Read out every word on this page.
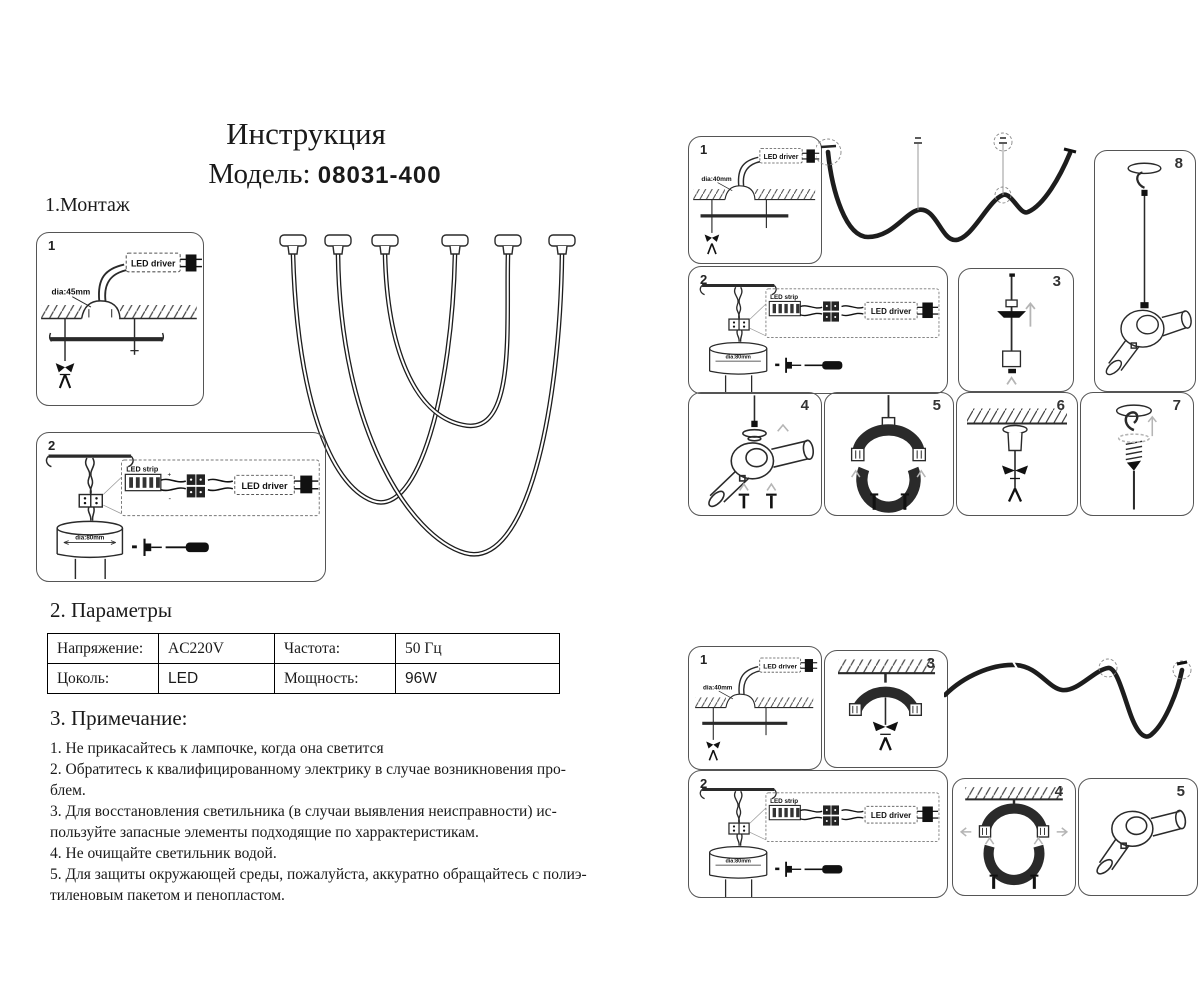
Инструкция
Модель: 08031-400
1.Монтаж
1
LED driver
dia:45mm
2
dia:80mm
LED strip
+
-
LED driver
2. Параметры
Напряжение:	AC220V	Частота:	50 Гц
Цоколь:	LED	Мощность:	96W
3. Примечание:
1. Не прикасайтесь к лампочке, когда она светится
2. Обратитесь к квалифицированному электрику в случае возникновения про-
блем.
3. Для восстановления светильника (в случаи выявления неисправности) ис-
пользуйте запасные элементы подходящие по харрактеристикам.
4. Не очищайте светильник водой.
5. Для защиты окружающей среды, пожалуйста, аккуратно обращайтесь с полиэ-
тиленовым пакетом и пенопластом.
1
LED driver
dia:40mm
8
2
dia:80mm
LED strip
LED driver
3
4	5	6	7
1	LED driver
dia:40mm
3
2
dia:80mm
LED strip
LED driver
4	5
